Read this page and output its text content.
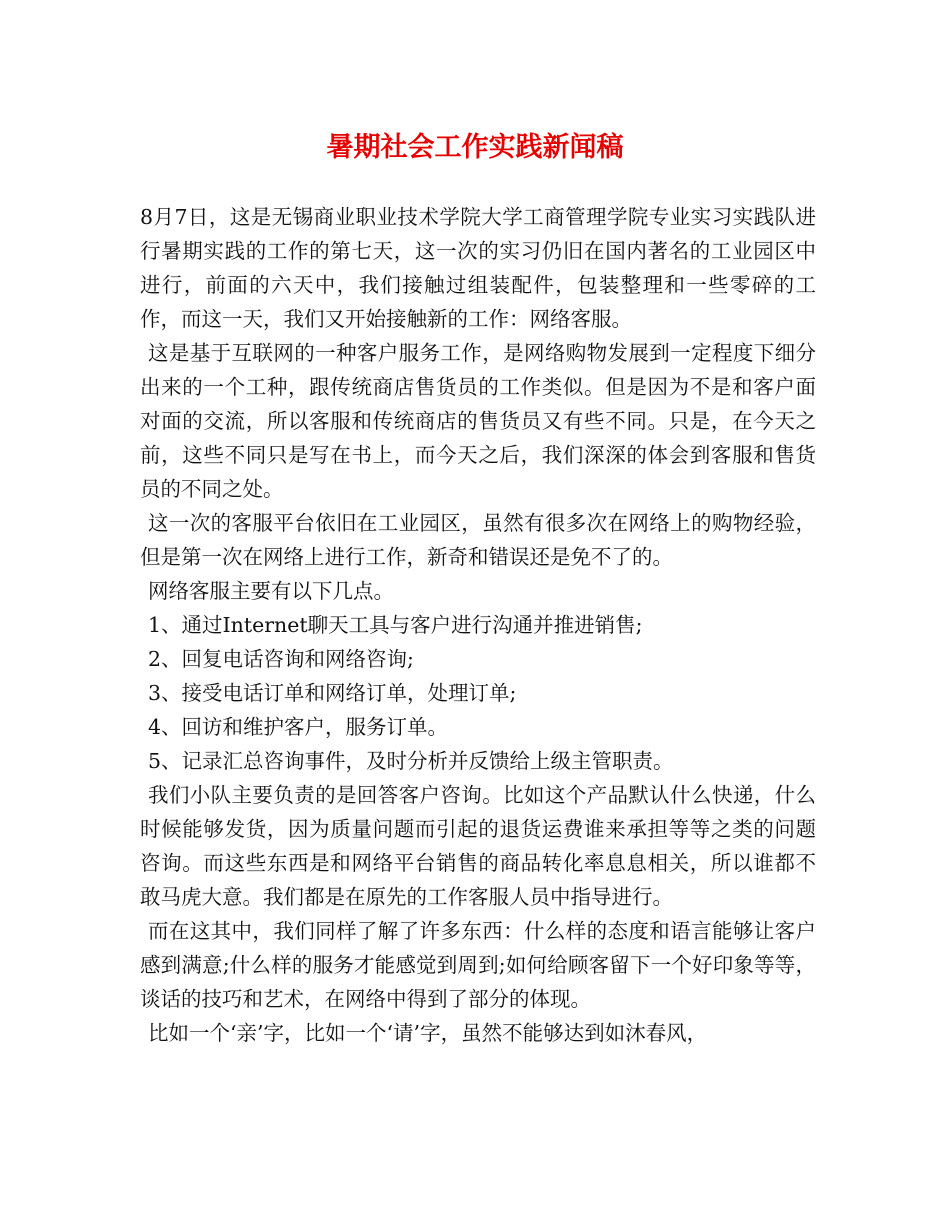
暑期社会工作实践新闻稿

8月7日，这是无锡商业职业技术学院大学工商管理学院专业实习实践队进行暑期实践的工作的第七天，这一次的实习仍旧在国内著名的工业园区中进行，前面的六天中，我们接触过组装配件，包装整理和一些零碎的工作，而这一天，我们又开始接触新的工作：网络客服。

这是基于互联网的一种客户服务工作，是网络购物发展到一定程度下细分出来的一个工种，跟传统商店售货员的工作类似。但是因为不是和客户面对面的交流，所以客服和传统商店的售货员又有些不同。只是，在今天之前，这些不同只是写在书上，而今天之后，我们深深的体会到客服和售货员的不同之处。

这一次的客服平台依旧在工业园区，虽然有很多次在网络上的购物经验，但是第一次在网络上进行工作，新奇和错误还是免不了的。

网络客服主要有以下几点。

1、通过Internet聊天工具与客户进行沟通并推进销售;

2、回复电话咨询和网络咨询;

3、接受电话订单和网络订单，处理订单;

4、回访和维护客户，服务订单。

5、记录汇总咨询事件，及时分析并反馈给上级主管职责。

我们小队主要负责的是回答客户咨询。比如这个产品默认什么快递，什么时候能够发货，因为质量问题而引起的退货运费谁来承担等等之类的问题咨询。而这些东西是和网络平台销售的商品转化率息息相关，所以谁都不敢马虎大意。我们都是在原先的工作客服人员中指导进行。

而在这其中，我们同样了解了许多东西：什么样的态度和语言能够让客户感到满意;什么样的服务才能感觉到周到;如何给顾客留下一个好印象等等，谈话的技巧和艺术，在网络中得到了部分的体现。

比如一个‘亲’字，比如一个‘请’字，虽然不能够达到如沐春风，
